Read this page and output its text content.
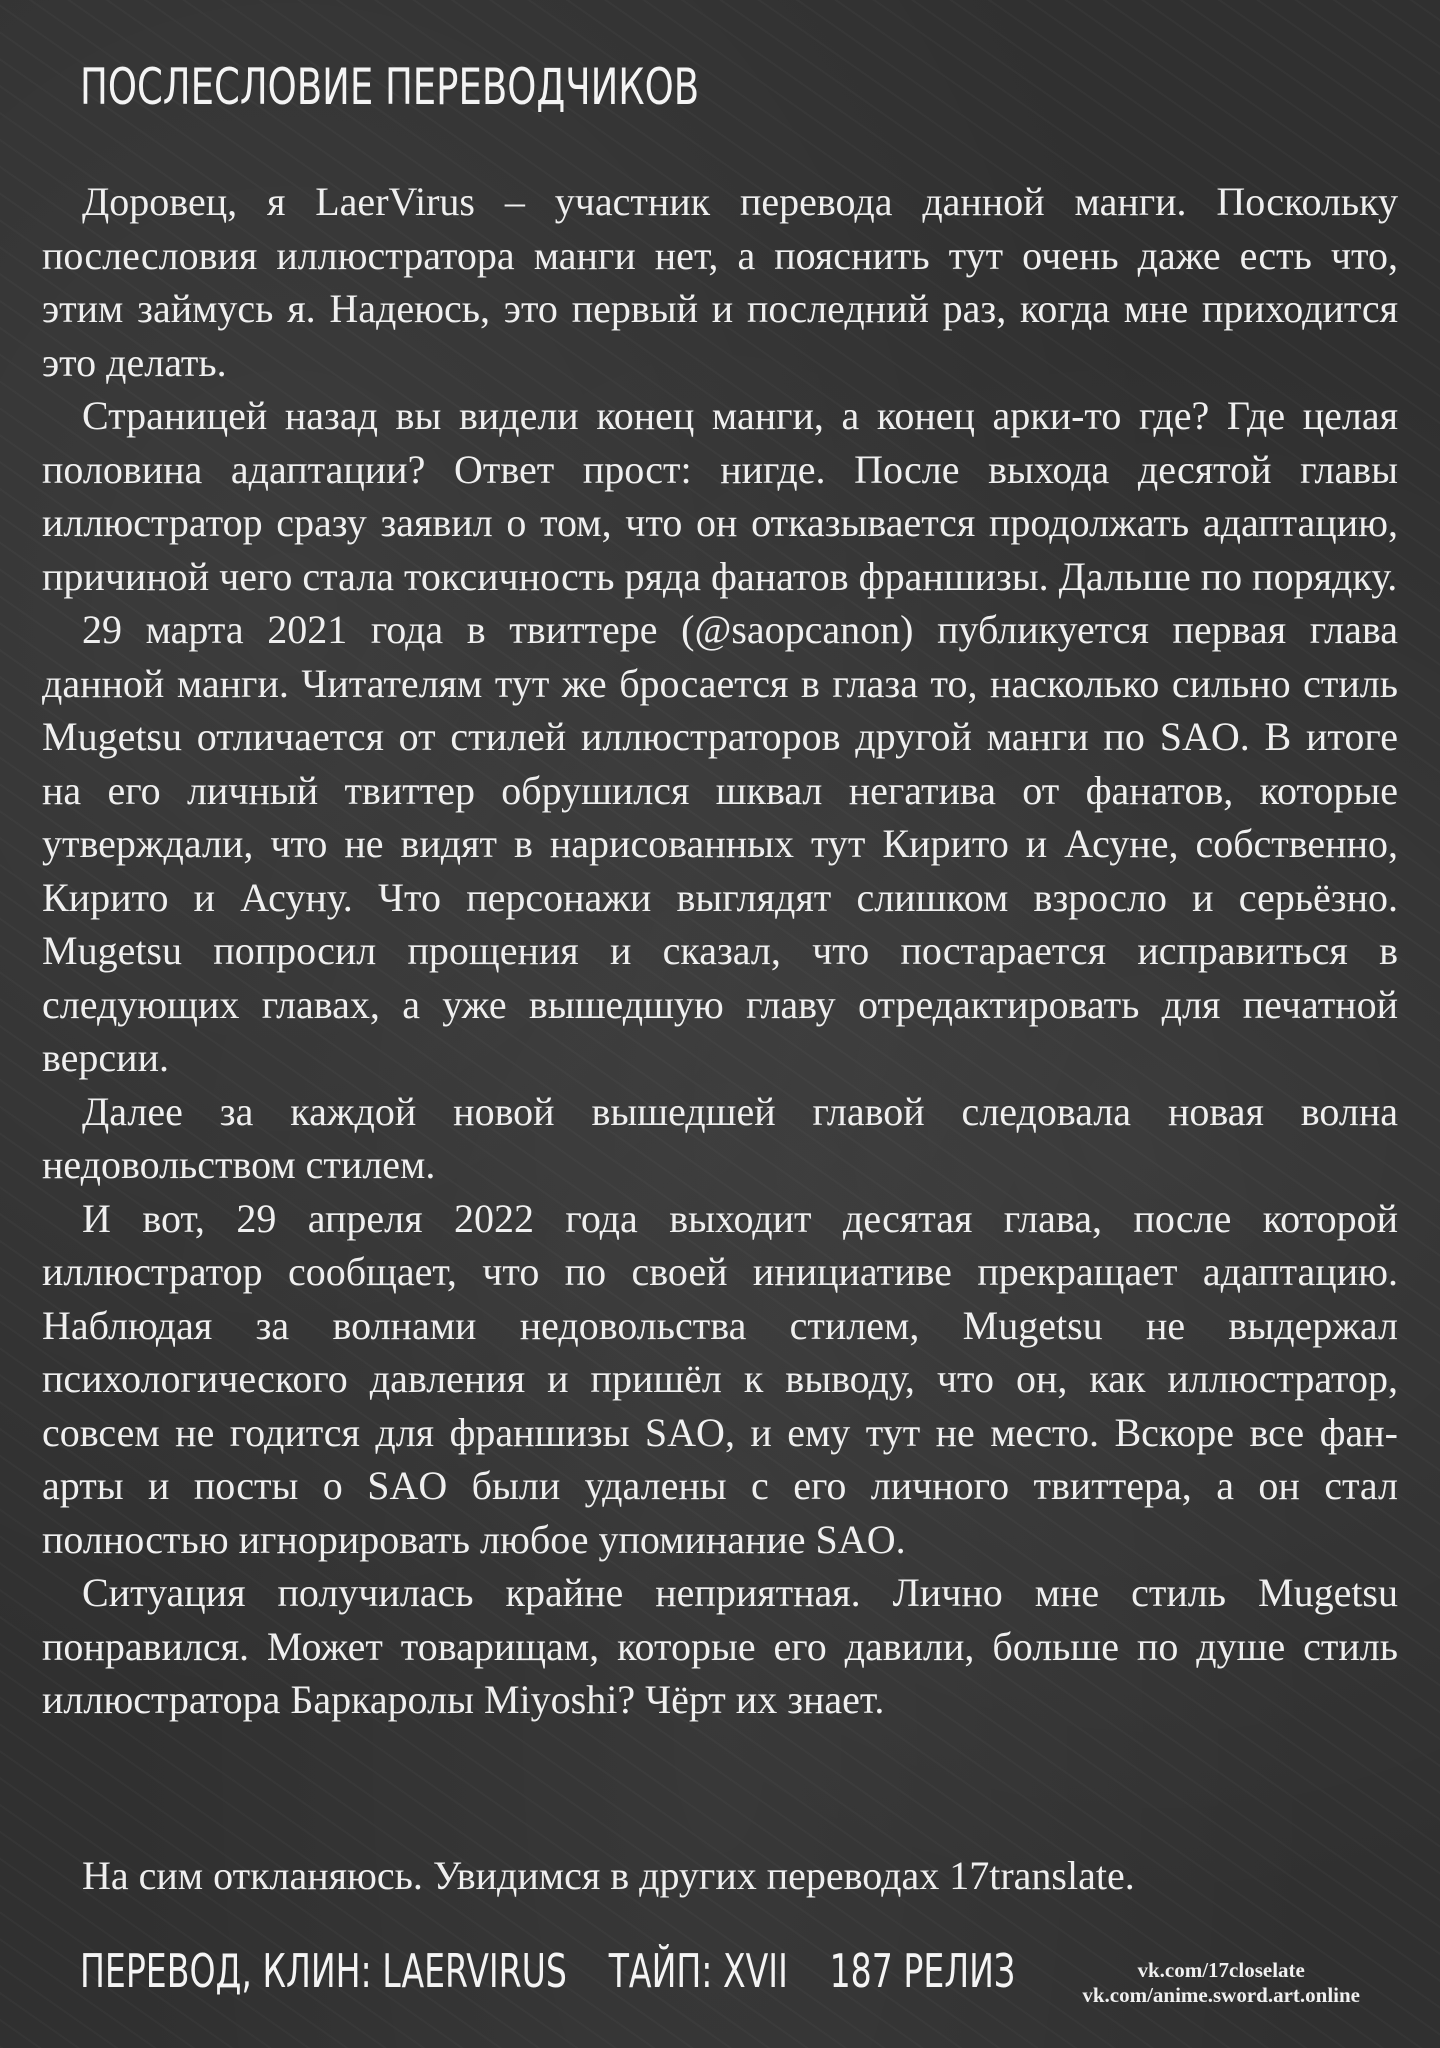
ПОСЛЕСЛОВИЕ ПЕРЕВОДЧИКОВ

Доровец, я LaerVirus – участник перевода данной манги. Поскольку послесловия иллюстратора манги нет, а пояснить тут очень даже есть что, этим займусь я. Надеюсь, это первый и последний раз, когда мне приходится это делать.

Страницей назад вы видели конец манги, а конец арки-то где? Где целая половина адаптации? Ответ прост: нигде. После выхода десятой главы иллюстратор сразу заявил о том, что он отказывается продолжать адаптацию, причиной чего стала токсичность ряда фанатов франшизы. Дальше по порядку.

29 марта 2021 года в твиттере (@saopcanon) публикуется первая глава данной манги. Читателям тут же бросается в глаза то, насколько сильно стиль Mugetsu отличается от стилей иллюстраторов другой манги по SAO. В итоге на его личный твиттер обрушился шквал негатива от фанатов, которые утверждали, что не видят в нарисованных тут Кирито и Асуне, собственно, Кирито и Асуну. Что персонажи выглядят слишком взросло и серьёзно. Mugetsu попросил прощения и сказал, что постарается исправиться в следующих главах, а уже вышедшую главу отредактировать для печатной версии.

Далее за каждой новой вышедшей главой следовала новая волна недовольством стилем.

И вот, 29 апреля 2022 года выходит десятая глава, после которой иллюстратор сообщает, что по своей инициативе прекращает адаптацию. Наблюдая за волнами недовольства стилем, Mugetsu не выдержал психологического давления и пришёл к выводу, что он, как иллюстратор, совсем не годится для франшизы SAO, и ему тут не место. Вскоре все фан-арты и посты о SAO были удалены с его личного твиттера, а он стал полностью игнорировать любое упоминание SAO.

Ситуация получилась крайне неприятная. Лично мне стиль Mugetsu понравился. Может товарищам, которые его давили, больше по душе стиль иллюстратора Баркаролы Miyoshi? Чёрт их знает.

На сим откланяюсь. Увидимся в других переводах 17translate.

ПЕРЕВОД, КЛИН: LAERVIRUS ТАЙП: XVII 187 РЕЛИЗ	vk.com/17closelate
vk.com/anime.sword.art.online
